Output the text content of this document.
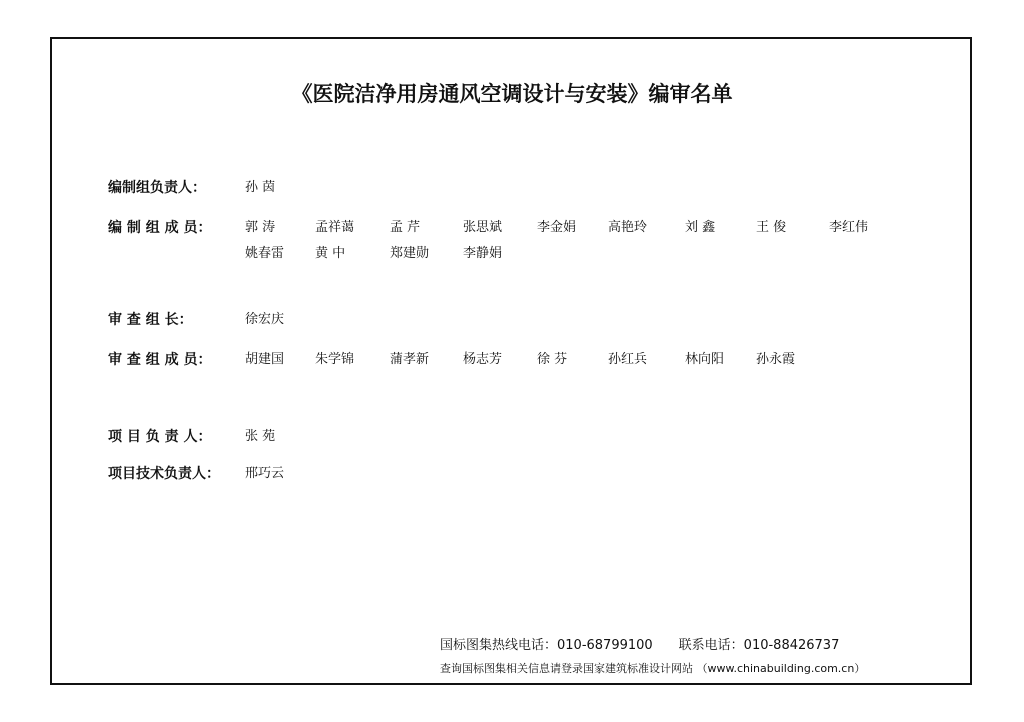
《医院洁净用房通风空调设计与安装》编审名单
编制组负责人：	孙 茵
编 制 组 成 员：	郭 涛	孟祥蔼	孟 芹	张思斌	李金娟 高艳玲	刘 鑫	王 俊	李红伟
姚春雷 黄 中	郑建勋	李静娟
审 查 组 长：	徐宏庆
审 查 组 成 员：	胡建国 朱学锦	蒲孝新	杨志芳	徐 芬	孙红兵	林向阳 孙永霞
项 目 负 责 人：	张 苑
项目技术负责人：	邢巧云
国标图集热线电话：010-68799100　　联系电话：010-88426737
查询国标图集相关信息请登录国家建筑标准设计网站 （www.chinabuilding.com.cn）
